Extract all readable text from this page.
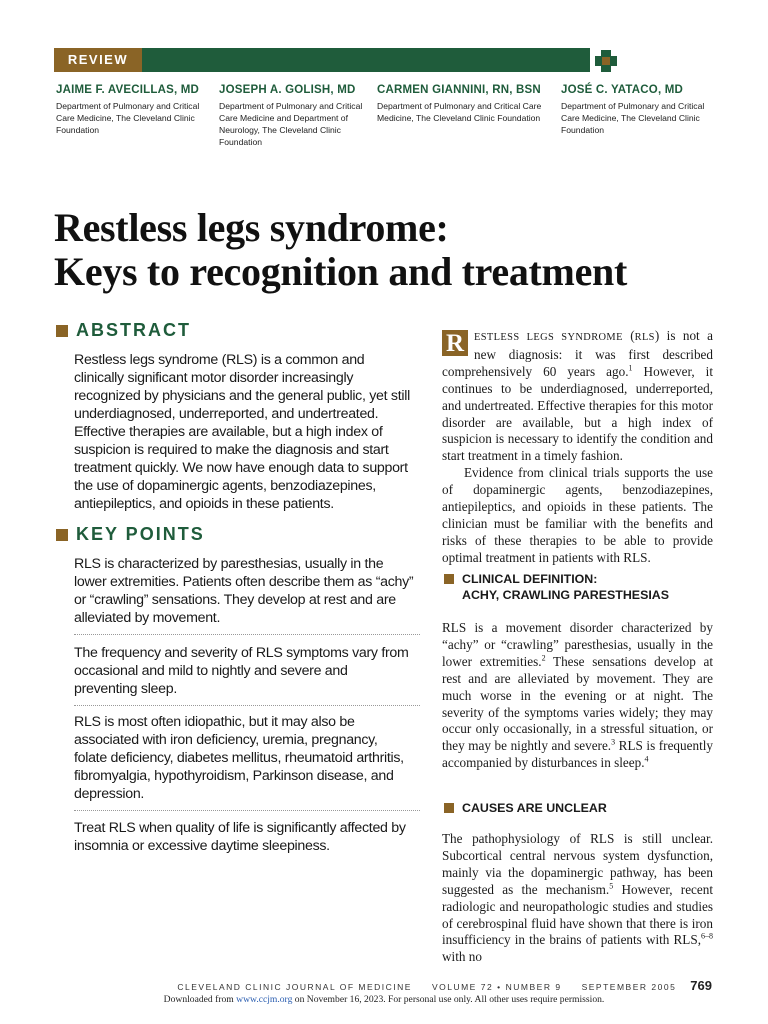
REVIEW
JAIME F. AVECILLAS, MD
Department of Pulmonary and Critical Care Medicine, The Cleveland Clinic Foundation
JOSEPH A. GOLISH, MD
Department of Pulmonary and Critical Care Medicine and Department of Neurology, The Cleveland Clinic Foundation
CARMEN GIANNINI, RN, BSN
Department of Pulmonary and Critical Care Medicine, The Cleveland Clinic Foundation
JOSÉ C. YATACO, MD
Department of Pulmonary and Critical Care Medicine, The Cleveland Clinic Foundation
Restless legs syndrome:
Keys to recognition and treatment
ABSTRACT
Restless legs syndrome (RLS) is a common and clinically significant motor disorder increasingly recognized by physicians and the general public, yet still underdiagnosed, underreported, and undertreated. Effective therapies are available, but a high index of suspicion is required to make the diagnosis and start treatment quickly. We now have enough data to support the use of dopaminergic agents, benzodiazepines, antiepileptics, and opioids in these patients.
KEY POINTS
RLS is characterized by paresthesias, usually in the lower extremities. Patients often describe them as “achy” or “crawling” sensations. They develop at rest and are alleviated by movement.
The frequency and severity of RLS symptoms vary from occasional and mild to nightly and severe and preventing sleep.
RLS is most often idiopathic, but it may also be associated with iron deficiency, uremia, pregnancy, folate deficiency, diabetes mellitus, rheumatoid arthritis, fibromyalgia, hypothyroidism, Parkinson disease, and depression.
Treat RLS when quality of life is significantly affected by insomnia or excessive daytime sleepiness.

R ESTLESS LEGS SYNDROME (RLS) is not a new diagnosis: it was first described comprehensively 60 years ago.$^1$ However, it continues to be underdiagnosed, underreported, and undertreated. Effective therapies for this motor disorder are available, but a high index of suspicion is necessary to identify the condition and start treatment in a timely fashion.

Evidence from clinical trials supports the use of dopaminergic agents, benzodiazepines, antiepileptics, and opioids in these patients. The clinician must be familiar with the benefits and risks of these therapies to be able to provide optimal treatment in patients with RLS.

CLINICAL DEFINITION:
ACHY, CRAWLING PARESTHESIAS
RLS is a movement disorder characterized by “achy” or “crawling” paresthesias, usually in the lower extremities.$^2$ These sensations develop at rest and are alleviated by movement. They are much worse in the evening or at night. The severity of the symptoms varies widely; they may occur only occasionally, in a stressful situation, or they may be nightly and severe.$^3$ RLS is frequently accompanied by disturbances in sleep.$^4$
CAUSES ARE UNCLEAR
The pathophysiology of RLS is still unclear. Subcortical central nervous system dysfunction, mainly via the dopaminergic pathway, has been suggested as the mechanism.$^5$ However, recent radiologic and neuropathologic studies and studies of cerebrospinal fluid have shown that there is iron insufficiency in the brains of patients with RLS,$^{6-8}$ with no
CLEVELAND CLINIC JOURNAL OF MEDICINE VOLUME 72 • NUMBER 9 SEPTEMBER 2005 769
Downloaded from www.ccjm.org on November 16, 2023. For personal use only. All other uses require permission.
